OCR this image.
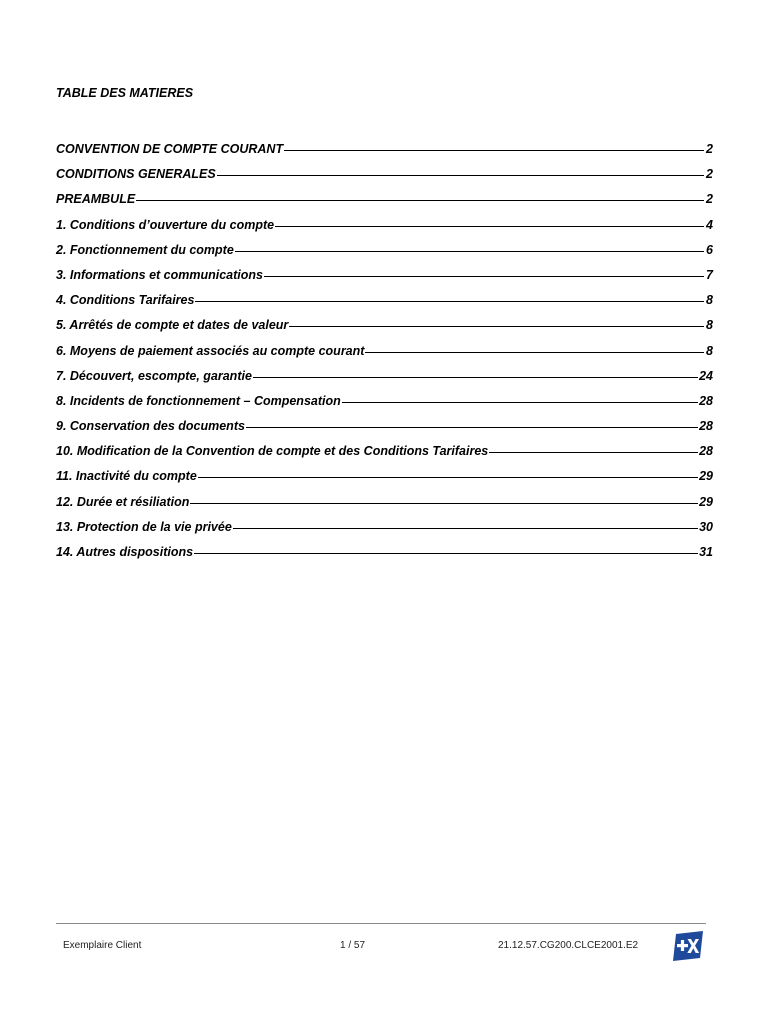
TABLE DES MATIERES
CONVENTION DE COMPTE COURANT	2
CONDITIONS GENERALES	2
PREAMBULE	2
1. Conditions d’ouverture du compte	4
2. Fonctionnement du compte	6
3. Informations et communications	7
4. Conditions Tarifaires	8
5. Arrêtés de compte et dates de valeur	8
6. Moyens de paiement associés au compte courant	8
7. Découvert, escompte, garantie	24
8. Incidents de fonctionnement – Compensation	28
9. Conservation des documents	28
10. Modification de la Convention de compte et des Conditions Tarifaires	28
11. Inactivité du compte	29
12. Durée et résiliation	29
13. Protection de la vie privée	30
14. Autres dispositions	31
Exemplaire Client	1 / 57	21.12.57.CG200.CLCE2001.E2
